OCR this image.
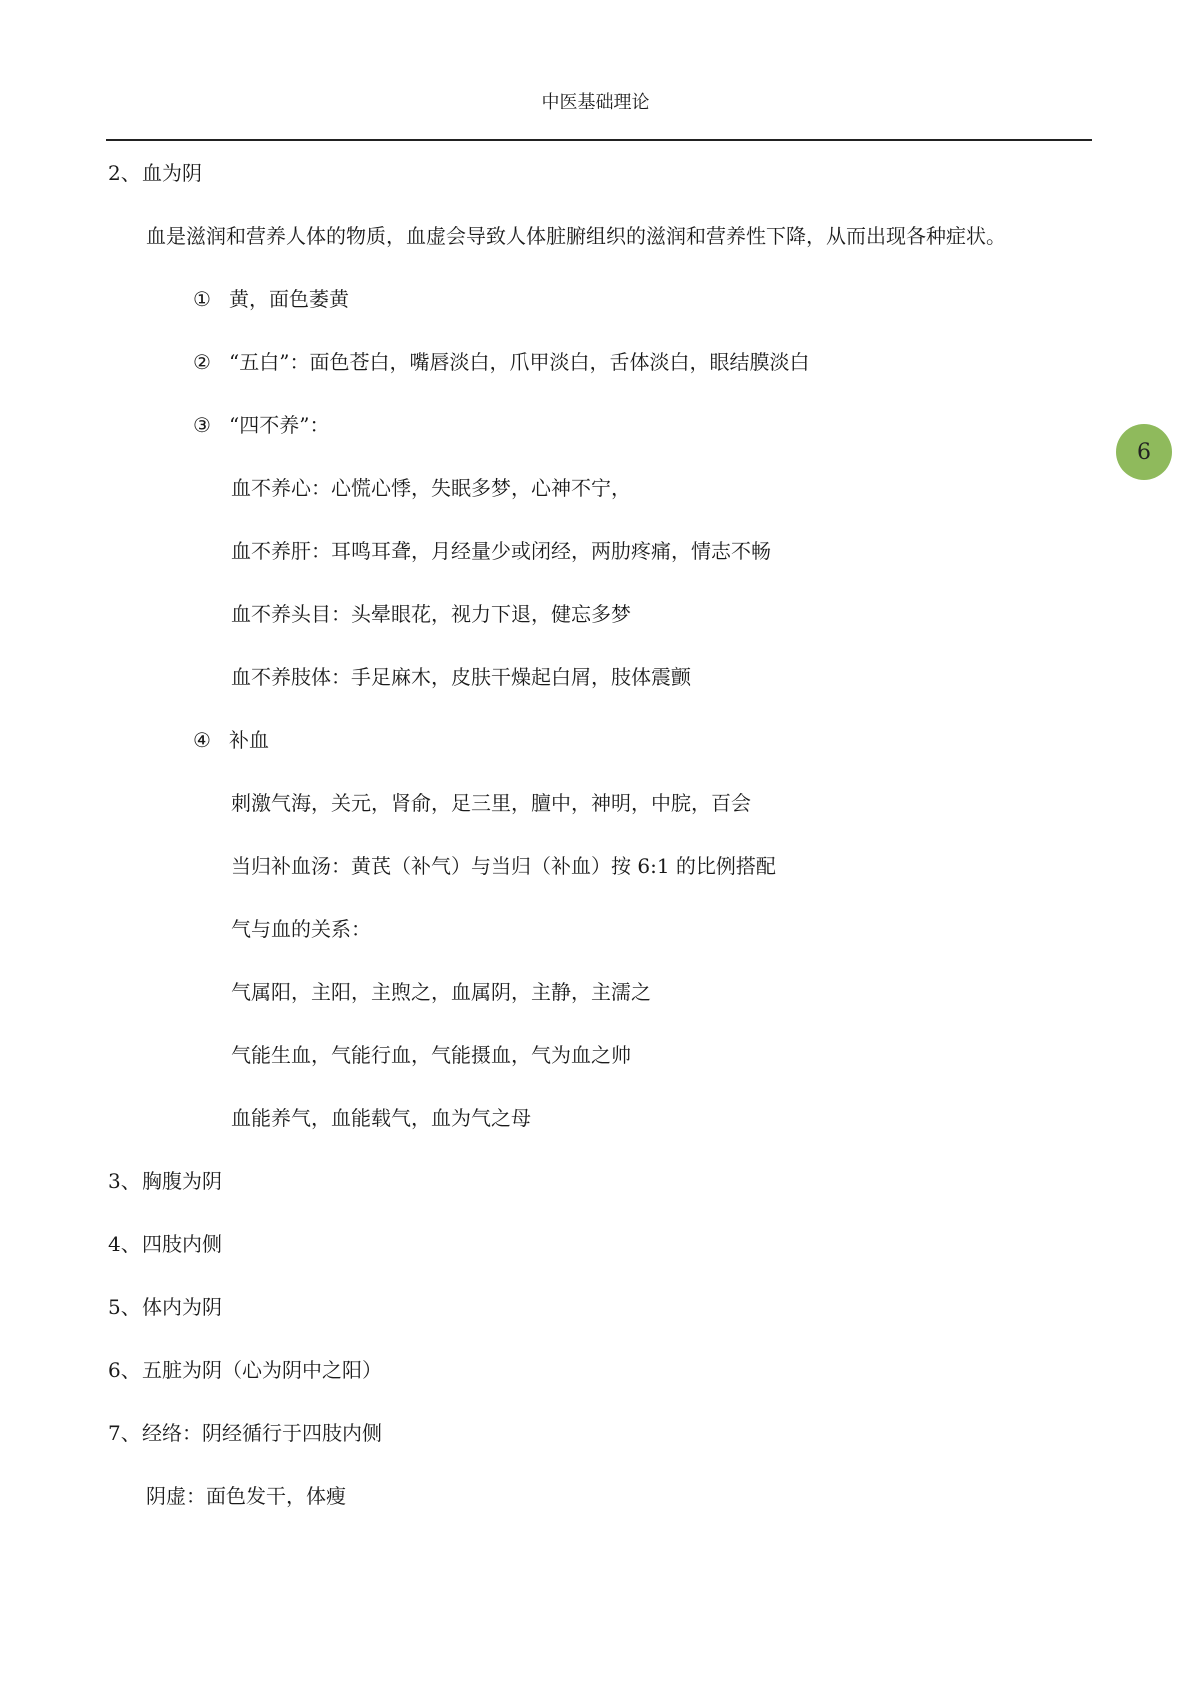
中医基础理论
6
2、血为阴
血是滋润和营养人体的物质，血虚会导致人体脏腑组织的滋润和营养性下降，从而出现各种症状。
① 黄，面色萎黄
② “五白”：面色苍白，嘴唇淡白，爪甲淡白，舌体淡白，眼结膜淡白
③ “四不养”：
血不养心：心慌心悸，失眠多梦，心神不宁，
血不养肝：耳鸣耳聋，月经量少或闭经，两肋疼痛，情志不畅
血不养头目：头晕眼花，视力下退，健忘多梦
血不养肢体：手足麻木，皮肤干燥起白屑，肢体震颤
④ 补血
刺激气海，关元，肾俞，足三里，膻中，神明，中脘，百会
当归补血汤：黄芪（补气）与当归（补血）按 6:1 的比例搭配
气与血的关系：
气属阳，主阳，主煦之，血属阴，主静，主濡之
气能生血，气能行血，气能摄血，气为血之帅
血能养气，血能载气，血为气之母
3、胸腹为阴
4、四肢内侧
5、体内为阴
6、五脏为阴（心为阴中之阳）
7、经络：阴经循行于四肢内侧
阴虚：面色发干，体瘦
